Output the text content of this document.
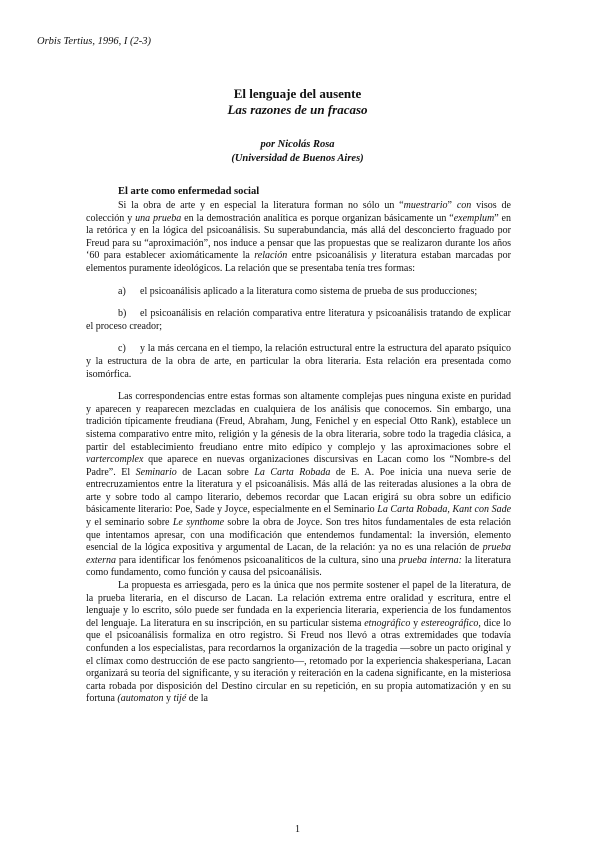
Orbis Tertius, 1996, I (2-3)
El lenguaje del ausente
Las razones de un fracaso
por Nicolás Rosa
(Universidad de Buenos Aires)
El arte como enfermedad social

Si la obra de arte y en especial la literatura forman no sólo un “muestrario” con visos de colección y una prueba en la demostración analítica es porque organizan básicamente un “exemplum” en la retórica y en la lógica del psicoanálisis. Su superabundancia, más allá del desconcierto fraguado por Freud para su “aproximación”, nos induce a pensar que las propuestas que se realizaron durante los años ‘60 para establecer axiomáticamente la relación entre psicoanálisis y literatura estaban marcadas por elementos puramente ideológicos. La relación que se presentaba tenía tres formas:

a) el psicoanálisis aplicado a la literatura como sistema de prueba de sus producciones;

b) el psicoanálisis en relación comparativa entre literatura y psicoanálisis tratando de explicar el proceso creador;

c) y la más cercana en el tiempo, la relación estructural entre la estructura del aparato psíquico y la estructura de la obra de arte, en particular la obra literaria. Esta relación era presentada como isomórfica.

Las correspondencias entre estas formas son altamente complejas pues ninguna existe en puridad y aparecen y reaparecen mezcladas en cualquiera de los análisis que conocemos. Sin embargo, una tradición típicamente freudiana (Freud, Abraham, Jung, Fenichel y en especial Otto Rank), establece un sistema comparativo entre mito, religión y la génesis de la obra literaria, sobre todo la tragedia clásica, a partir del establecimiento freudiano entre mito edípico y complejo y las aproximaciones sobre el vartercomplex que aparece en nuevas organizaciones discursivas en Lacan como los “Nombre-s del Padre”. El Seminario de Lacan sobre La Carta Robada de E. A. Poe inicia una nueva serie de entrecruzamientos entre la literatura y el psicoanálisis. Más allá de las reiteradas alusiones a la obra de arte y sobre todo al campo literario, debemos recordar que Lacan erigirá su obra sobre un edificio básicamente literario: Poe, Sade y Joyce, especialmente en el Seminario La Carta Robada, Kant con Sade y el seminario sobre Le synthome sobre la obra de Joyce. Son tres hitos fundamentales de esta relación que intentamos apresar, con una modificación que entendemos fundamental: la inversión, elemento esencial de la lógica expositiva y argumental de Lacan, de la relación: ya no es una relación de prueba externa para identificar los fenómenos psicoanalíticos de la cultura, sino una prueba interna: la literatura como fundamento, como función y causa del psicoanálisis.

La propuesta es arriesgada, pero es la única que nos permite sostener el papel de la literatura, de la prueba literaria, en el discurso de Lacan. La relación extrema entre oralidad y escritura, entre el lenguaje y lo escrito, sólo puede ser fundada en la experiencia literaria, experiencia de los fundamentos del lenguaje. La literatura en su inscripción, en su particular sistema etnográfico y estereográfico, dice lo que el psicoanálisis formaliza en otro registro. Si Freud nos llevó a otras extremidades que todavía confunden a los especialistas, para recordarnos la organización de la tragedia —sobre un pacto original y el clímax como destrucción de ese pacto sangriento—, retomado por la experiencia shakesperiana, Lacan organizará su teoría del significante, y su iteración y reiteración en la cadena significante, en la misteriosa carta robada por disposición del Destino circular en su repetición, en su propia automatización y en su fortuna (automaton y tijé de la

1
